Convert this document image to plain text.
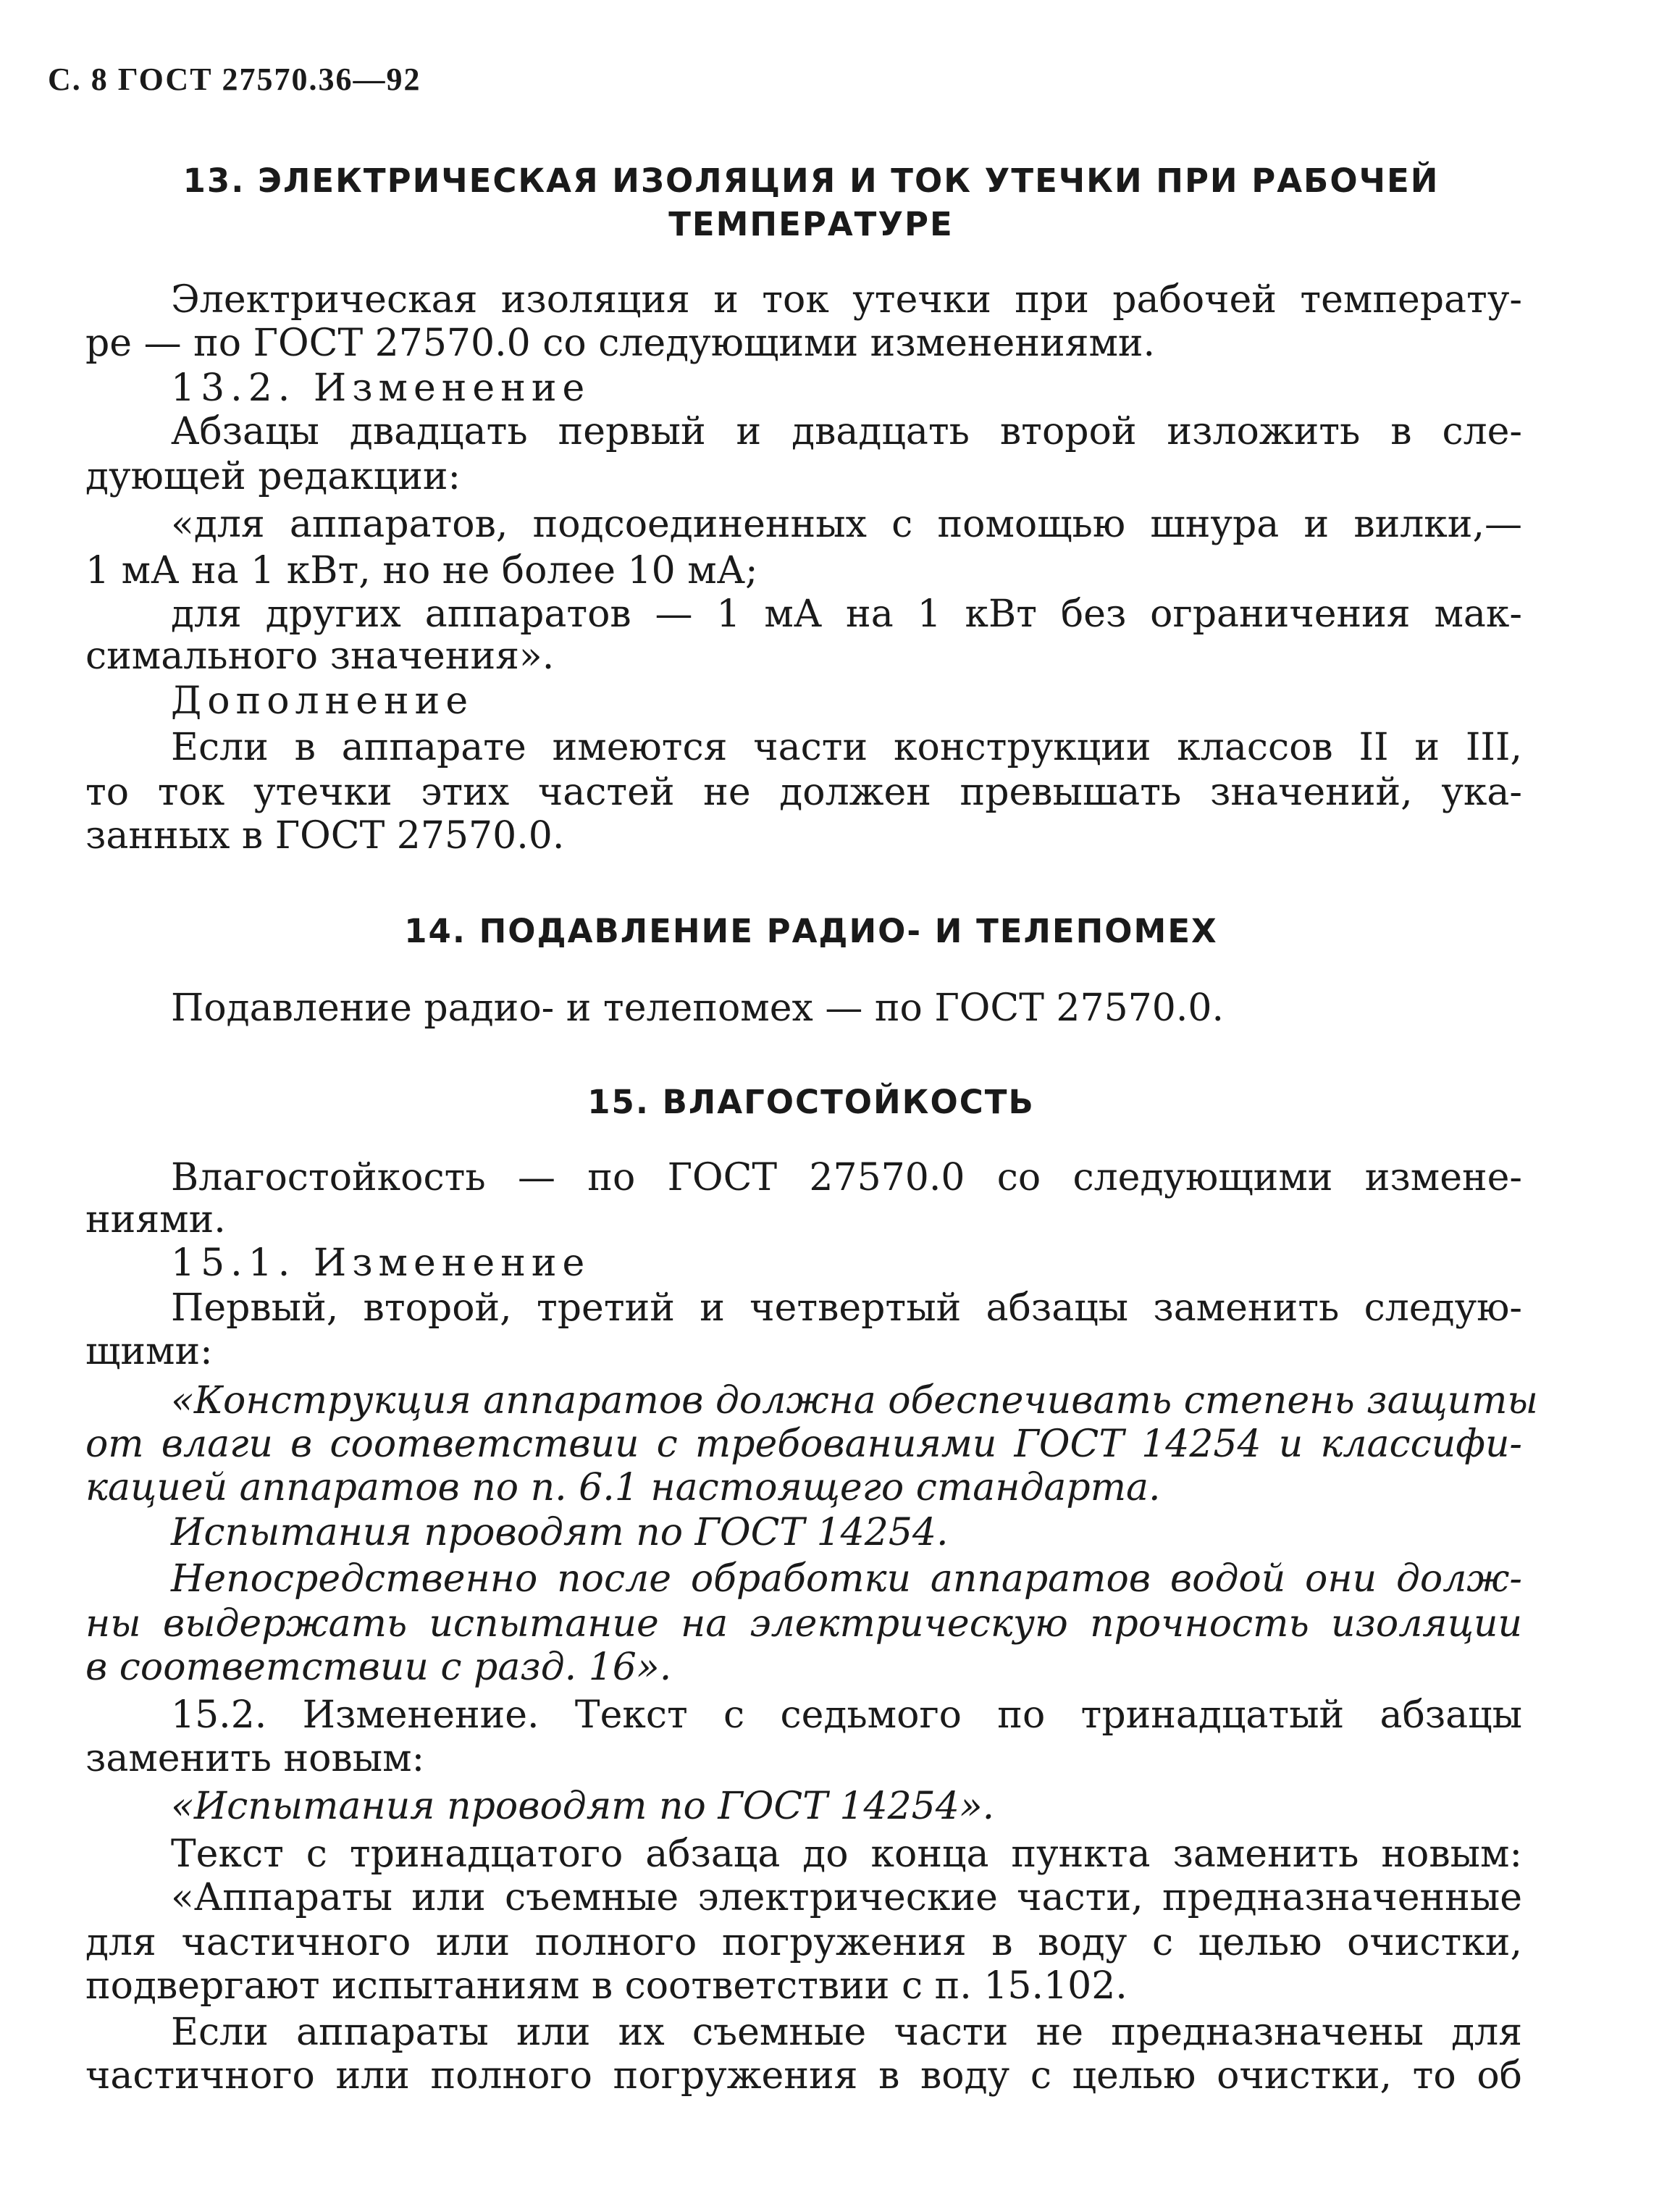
С. 8 ГОСТ 27570.36—92
13. ЭЛЕКТРИЧЕСКАЯ ИЗОЛЯЦИЯ И ТОК УТЕЧКИ ПРИ РАБОЧЕЙ
ТЕМПЕРАТУРЕ
Электрическая изоляция и ток утечки при рабочей температу-
ре — по ГОСТ 27570.0 со следующими изменениями.
13.2. Изменение
Абзацы двадцать первый и двадцать второй изложить в сле-
дующей редакции:
«для аппаратов, подсоединенных с помощью шнура и вилки,—
1 мА на 1 кВт, но не более 10 мА;
для других аппаратов — 1 мА на 1 кВт без ограничения мак-
симального значения».
Дополнение
Если в аппарате имеются части конструкции классов II и III,
то ток утечки этих частей не должен превышать значений, ука-
занных в ГОСТ 27570.0.
14. ПОДАВЛЕНИЕ РАДИО- И ТЕЛЕПОМЕХ
Подавление радио- и телепомех — по ГОСТ 27570.0.
15. ВЛАГОСТОЙКОСТЬ
Влагостойкость — по ГОСТ 27570.0 со следующими измене-
ниями.
15.1. Изменение
Первый, второй, третий и четвертый абзацы заменить следую-
щими:
«Конструкция аппаратов должна обеспечивать степень защиты
от влаги в соответствии с требованиями ГОСТ 14254 и классифи-
кацией аппаратов по п. 6.1 настоящего стандарта.
Испытания проводят по ГОСТ 14254.
Непосредственно после обработки аппаратов водой они долж-
ны выдержать испытание на электрическую прочность изоляции
в соответствии с разд. 16».
15.2. Изменение. Текст с седьмого по тринадцатый абзацы
заменить новым:
«Испытания проводят по ГОСТ 14254».
Текст с тринадцатого абзаца до конца пункта заменить новым:
«Аппараты или съемные электрические части, предназначенные
для частичного или полного погружения в воду с целью очистки,
подвергают испытаниям в соответствии с п. 15.102.
Если аппараты или их съемные части не предназначены для
частичного или полного погружения в воду с целью очистки, то об
